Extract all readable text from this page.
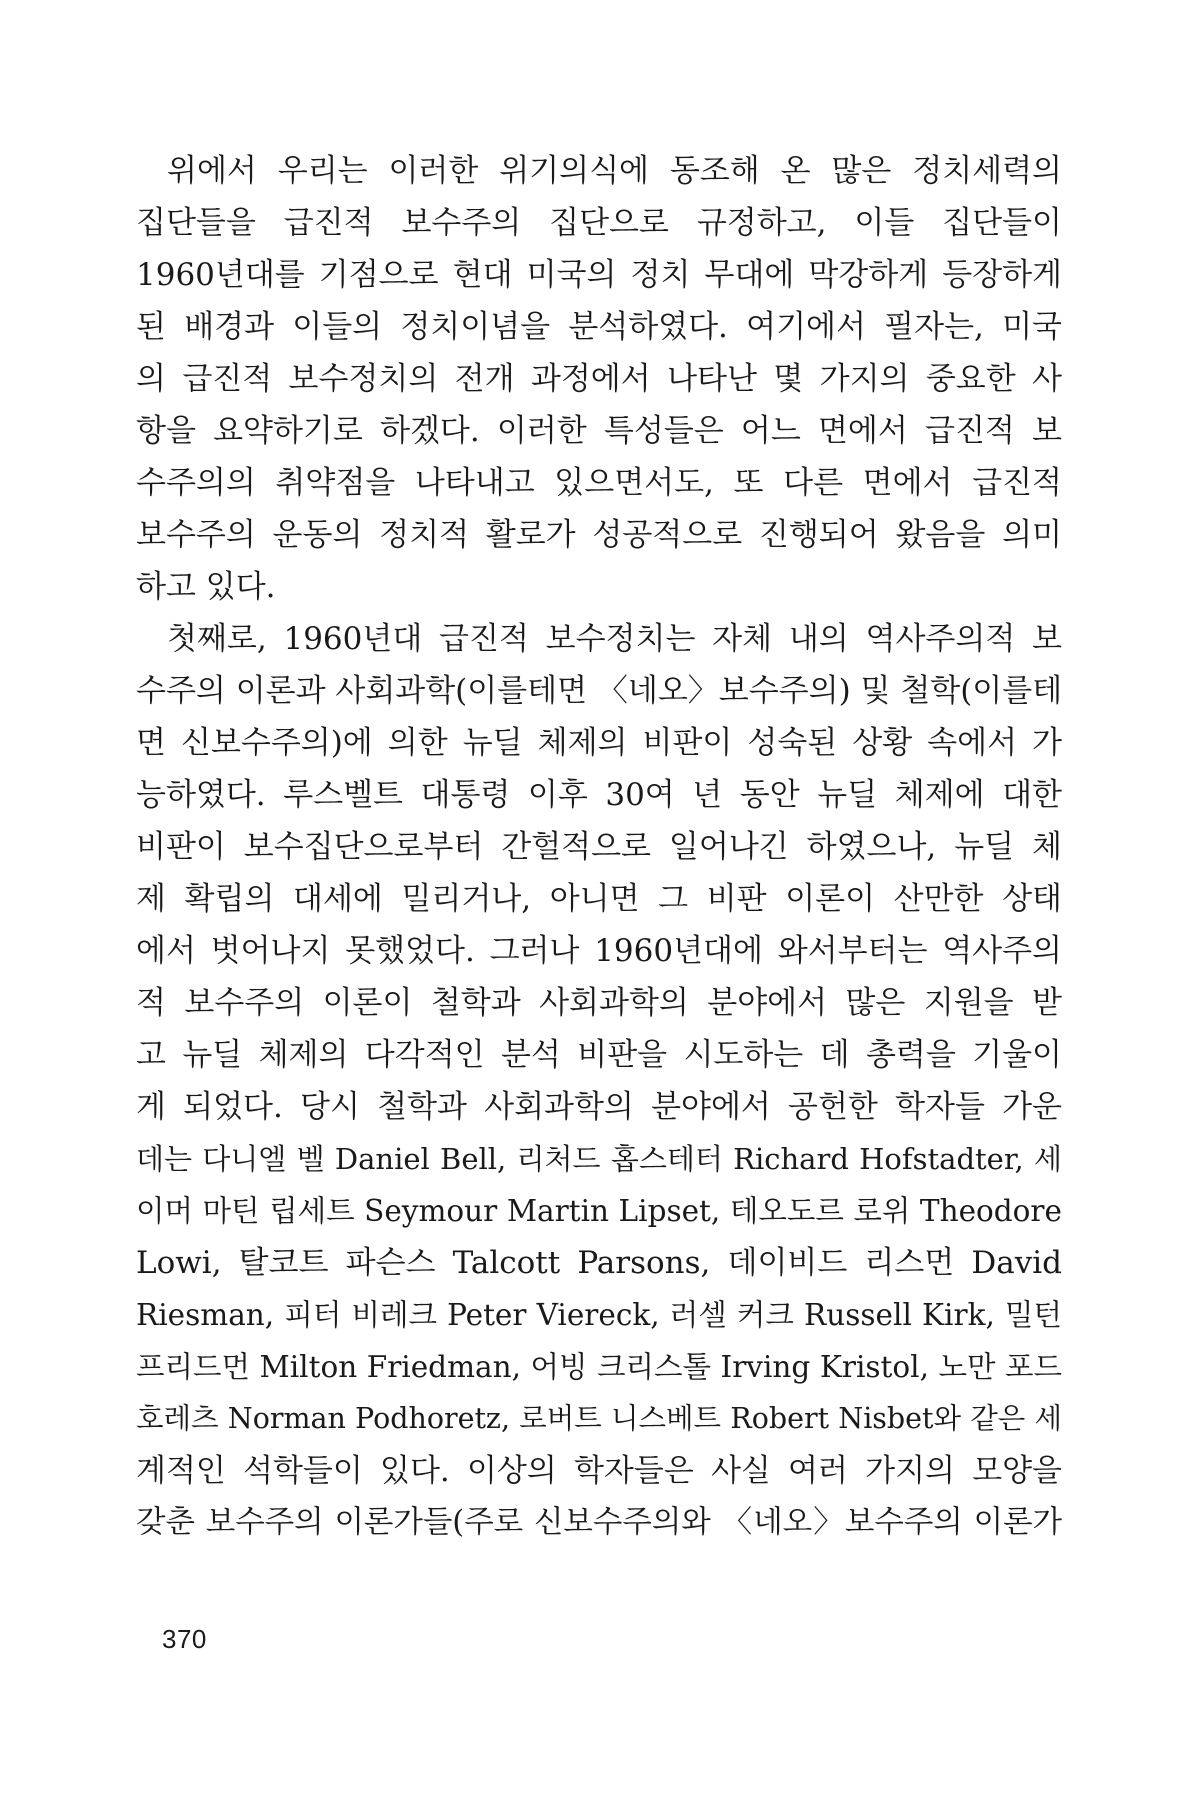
위에서 우리는 이러한 위기의식에 동조해 온 많은 정치세력의
집단들을 급진적 보수주의 집단으로 규정하고, 이들 집단들이
1960년대를 기점으로 현대 미국의 정치 무대에 막강하게 등장하게
된 배경과 이들의 정치이념을 분석하였다. 여기에서 필자는, 미국
의 급진적 보수정치의 전개 과정에서 나타난 몇 가지의 중요한 사
항을 요약하기로 하겠다. 이러한 특성들은 어느 면에서 급진적 보
수주의의 취약점을 나타내고 있으면서도, 또 다른 면에서 급진적
보수주의 운동의 정치적 활로가 성공적으로 진행되어 왔음을 의미
하고 있다.
첫째로, 1960년대 급진적 보수정치는 자체 내의 역사주의적 보
수주의 이론과 사회과학(이를테면 〈네오〉보수주의) 및 철학(이를테
면 신보수주의)에 의한 뉴딜 체제의 비판이 성숙된 상황 속에서 가
능하였다. 루스벨트 대통령 이후 30여 년 동안 뉴딜 체제에 대한
비판이 보수집단으로부터 간헐적으로 일어나긴 하였으나, 뉴딜 체
제 확립의 대세에 밀리거나, 아니면 그 비판 이론이 산만한 상태
에서 벗어나지 못했었다. 그러나 1960년대에 와서부터는 역사주의
적 보수주의 이론이 철학과 사회과학의 분야에서 많은 지원을 받
고 뉴딜 체제의 다각적인 분석 비판을 시도하는 데 총력을 기울이
게 되었다. 당시 철학과 사회과학의 분야에서 공헌한 학자들 가운
데는 다니엘 벨 Daniel Bell, 리처드 홉스테터 Richard Hofstadter, 세
이머 마틴 립세트 Seymour Martin Lipset, 테오도르 로위 Theodore
Lowi, 탈코트 파슨스 Talcott Parsons, 데이비드 리스먼 David
Riesman, 피터 비레크 Peter Viereck, 러셀 커크 Russell Kirk, 밀턴
프리드먼 Milton Friedman, 어빙 크리스톨 Irving Kristol, 노만 포드
호레츠 Norman Podhoretz, 로버트 니스베트 Robert Nisbet와 같은 세
계적인 석학들이 있다. 이상의 학자들은 사실 여러 가지의 모양을
갖춘 보수주의 이론가들(주로 신보수주의와 〈네오〉보수주의 이론가
370
